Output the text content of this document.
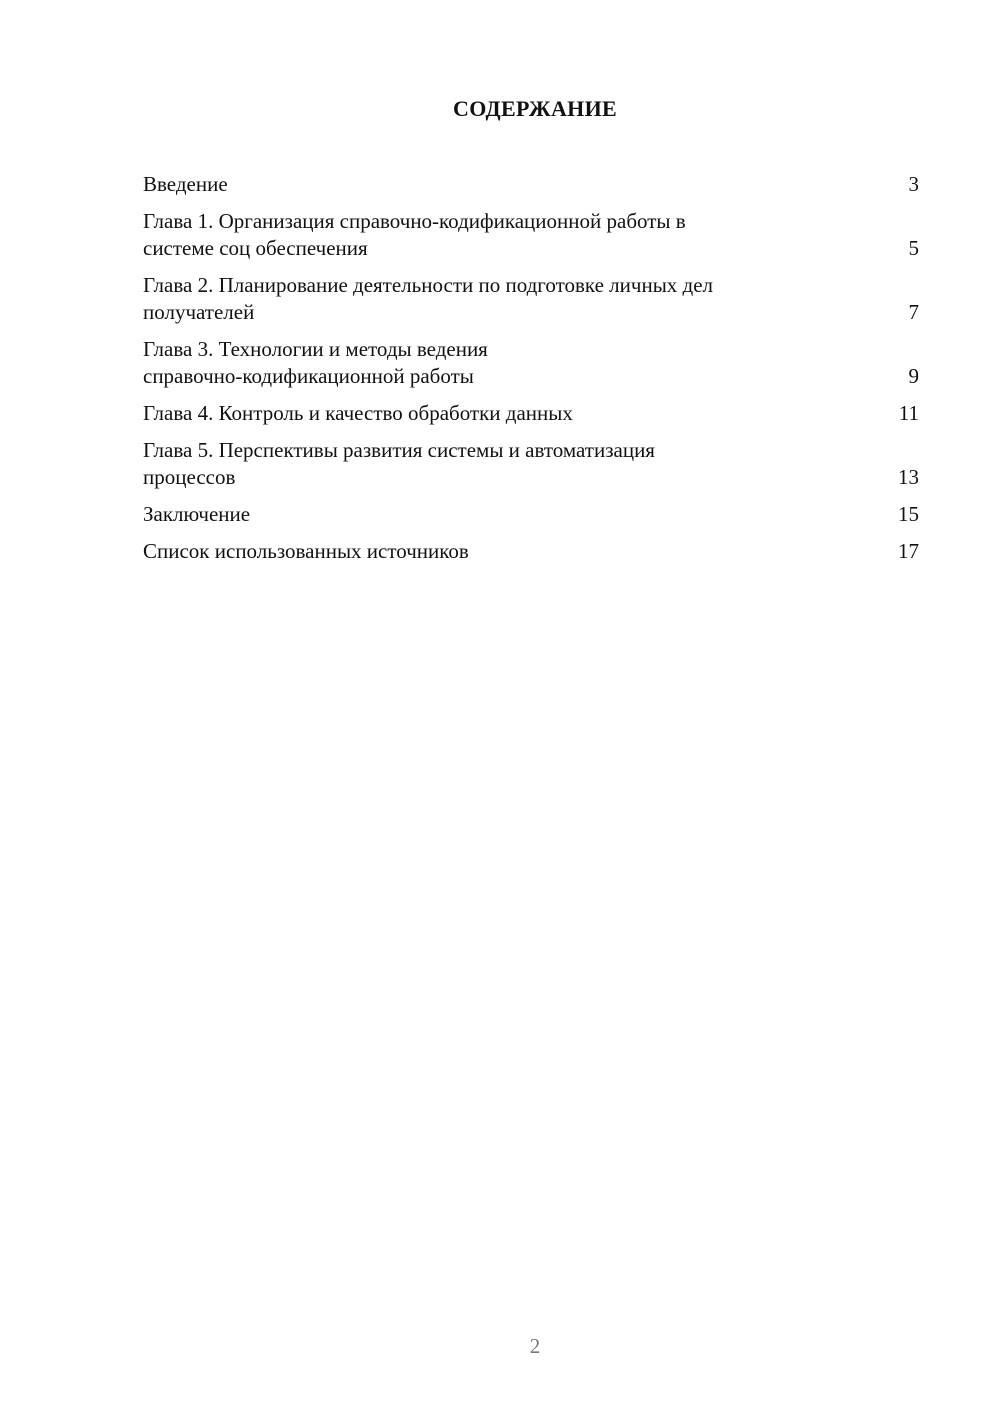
СОДЕРЖАНИЕ
Введение	3
Глава 1. Организация справочно-кодификационной работы в
системе соц обеспечения	5
Глава 2. Планирование деятельности по подготовке личных дел
получателей	7
Глава 3. Технологии и методы ведения
справочно-кодификационной работы	9
Глава 4. Контроль и качество обработки данных	11
Глава 5. Перспективы развития системы и автоматизация
процессов	13
Заключение	15
Список использованных источников	17
2
